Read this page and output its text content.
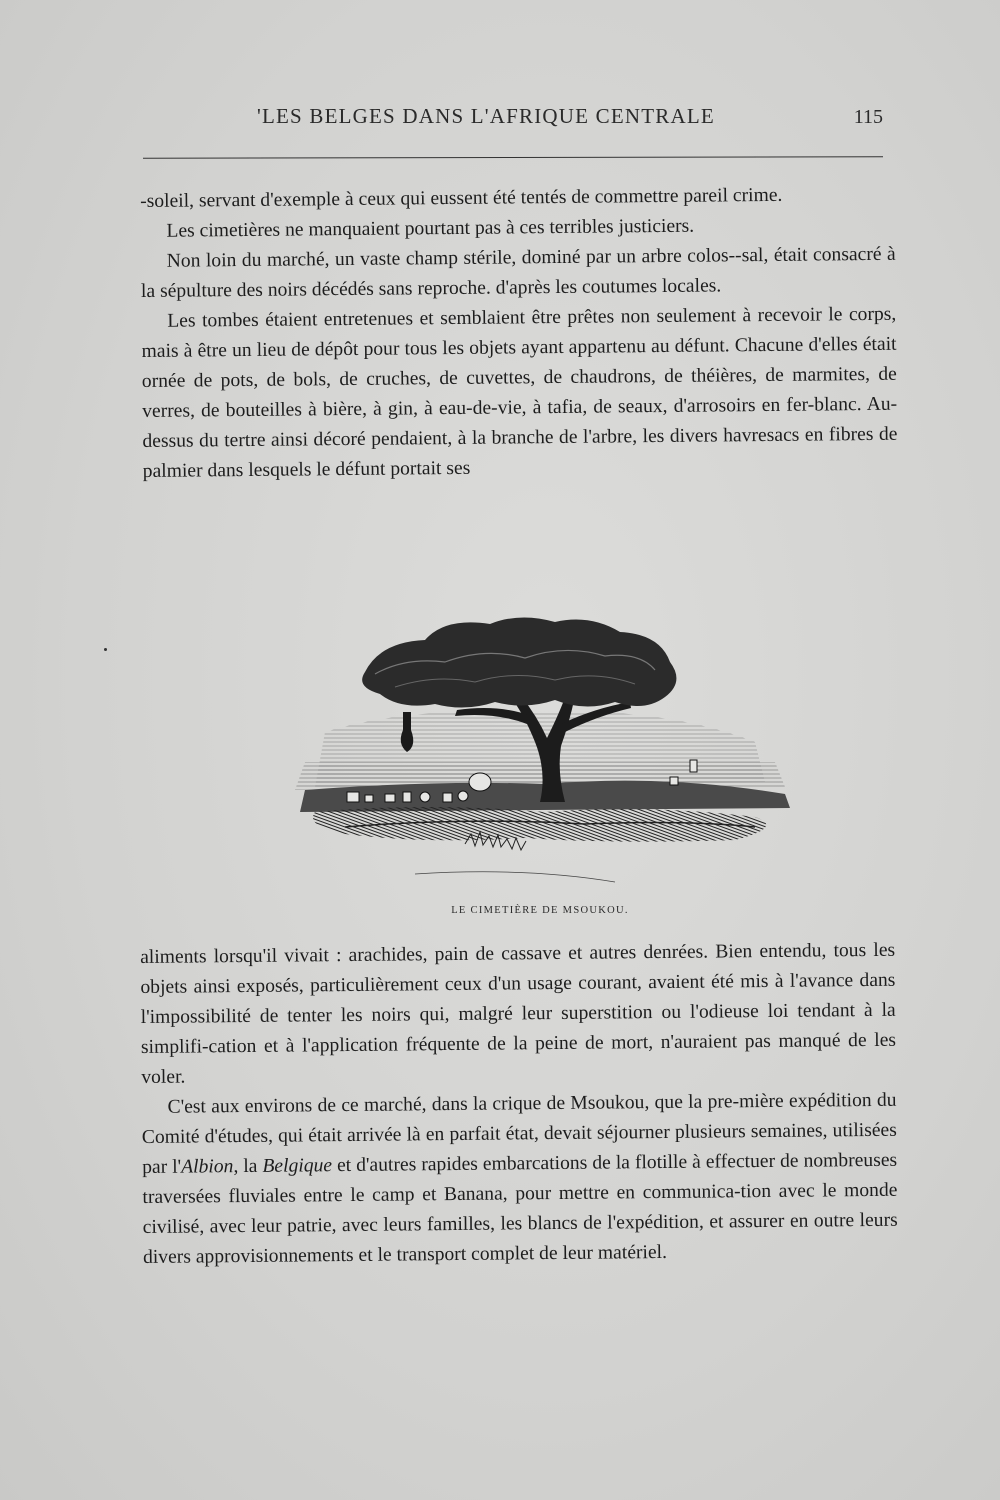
'LES BELGES DANS L'AFRIQUE CENTRALE	115

-soleil, servant d'exemple à ceux qui eussent été tentés de commettre pareil crime.

Les cimetières ne manquaient pourtant pas à ces terribles justiciers.

Non loin du marché, un vaste champ stérile, dominé par un arbre colos--sal, était consacré à la sépulture des noirs décédés sans reproche. d'après les coutumes locales.

Les tombes étaient entretenues et semblaient être prêtes non seulement à recevoir le corps, mais à être un lieu de dépôt pour tous les objets ayant appartenu au défunt. Chacune d'elles était ornée de pots, de bols, de cruches, de cuvettes, de chaudrons, de théières, de marmites, de verres, de bouteilles à bière, à gin, à eau-de-vie, à tafia, de seaux, d'arrosoirs en fer-blanc. Au-dessus du tertre ainsi décoré pendaient, à la branche de l'arbre, les divers havresacs en fibres de palmier dans lesquels le défunt portait ses

LE CIMETIÈRE DE MSOUKOU.

aliments lorsqu'il vivait : arachides, pain de cassave et autres denrées. Bien entendu, tous les objets ainsi exposés, particulièrement ceux d'un usage courant, avaient été mis à l'avance dans l'impossibilité de tenter les noirs qui, malgré leur superstition ou l'odieuse loi tendant à la simplifi-cation et à l'application fréquente de la peine de mort, n'auraient pas manqué de les voler.

C'est aux environs de ce marché, dans la crique de Msoukou, que la pre-mière expédition du Comité d'études, qui était arrivée là en parfait état, devait séjourner plusieurs semaines, utilisées par l'Albion, la Belgique et d'autres rapides embarcations de la flotille à effectuer de nombreuses traversées fluviales entre le camp et Banana, pour mettre en communica-tion avec le monde civilisé, avec leur patrie, avec leurs familles, les blancs de l'expédition, et assurer en outre leurs divers approvisionnements et le transport complet de leur matériel.
